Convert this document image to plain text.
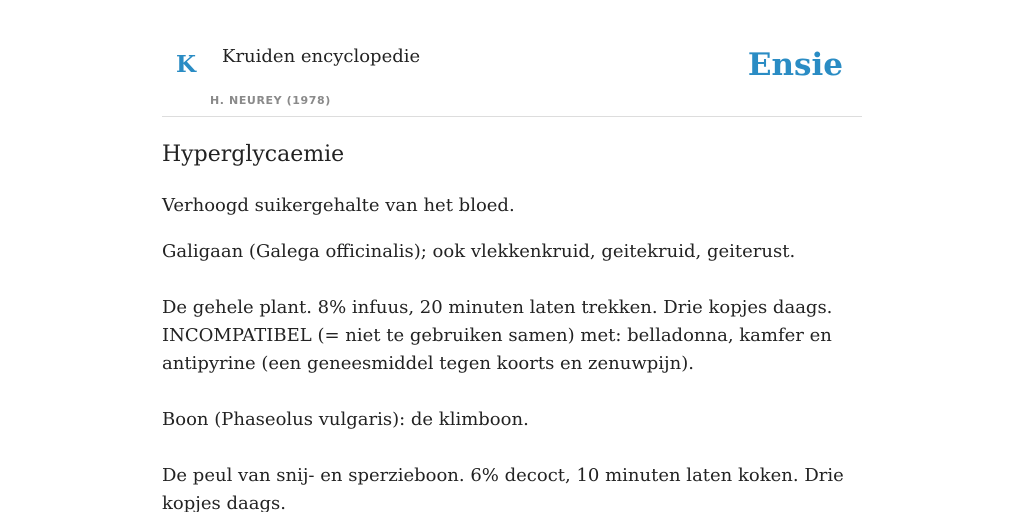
K Kruiden encyclopedie
H. NEUREY (1978)
Ensie
Hyperglycaemie

Verhoogd suikergehalte van het bloed.

Galigaan (Galega officinalis); ook vlekkenkruid, geitekruid, geiterust.

De gehele plant. 8% infuus, 20 minuten laten trekken. Drie kopjes daags. INCOMPATIBEL (= niet te gebruiken samen) met: belladonna, kamfer en antipyrine (een geneesmiddel tegen koorts en zenuwpijn).

Boon (Phaseolus vulgaris): de klimboon.

De peul van snij- en sperzieboon. 6% decoct, 10 minuten laten koken. Drie kopjes daags.
